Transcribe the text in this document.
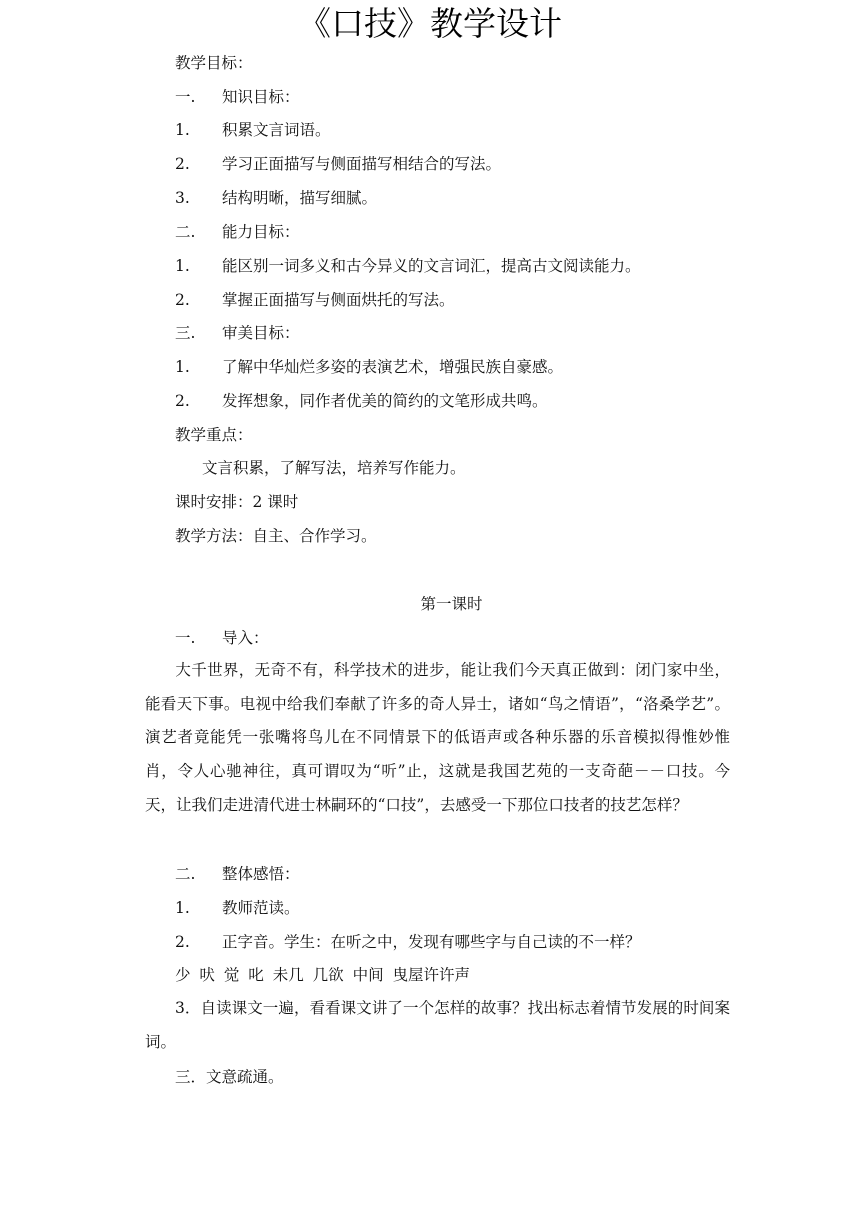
《口技》教学设计
教学目标：
一. 知识目标：
1. 积累文言词语。
2. 学习正面描写与侧面描写相结合的写法。
3. 结构明晰，描写细腻。
二. 能力目标：
1. 能区别一词多义和古今异义的文言词汇，提高古文阅读能力。
2. 掌握正面描写与侧面烘托的写法。
三. 审美目标：
1. 了解中华灿烂多姿的表演艺术，增强民族自豪感。
2. 发挥想象，同作者优美的简约的文笔形成共鸣。
教学重点：
文言积累，了解写法，培养写作能力。
课时安排：2 课时
教学方法：自主、合作学习。
第一课时
一. 导入：

大千世界，无奇不有，科学技术的进步，能让我们今天真正做到：闭门家中坐，能看天下事。电视中给我们奉献了许多的奇人异士，诸如“鸟之情语”，“洛桑学艺”。演艺者竟能凭一张嘴将鸟儿在不同情景下的低语声或各种乐器的乐音模拟得惟妙惟肖，令人心驰神往，真可谓叹为“听”止，这就是我国艺苑的一支奇葩－－口技。今天，让我们走进清代进士林嗣环的“口技”，去感受一下那位口技者的技艺怎样？

二. 整体感悟：
1. 教师范读。
2. 正字音。学生：在听之中，发现有哪些字与自己读的不一样？
少 吠 觉 叱 未几 几欲 中间 曳屋许许声

3．自读课文一遍，看看课文讲了一个怎样的故事？找出标志着情节发展的时间案词。

三．文意疏通。
